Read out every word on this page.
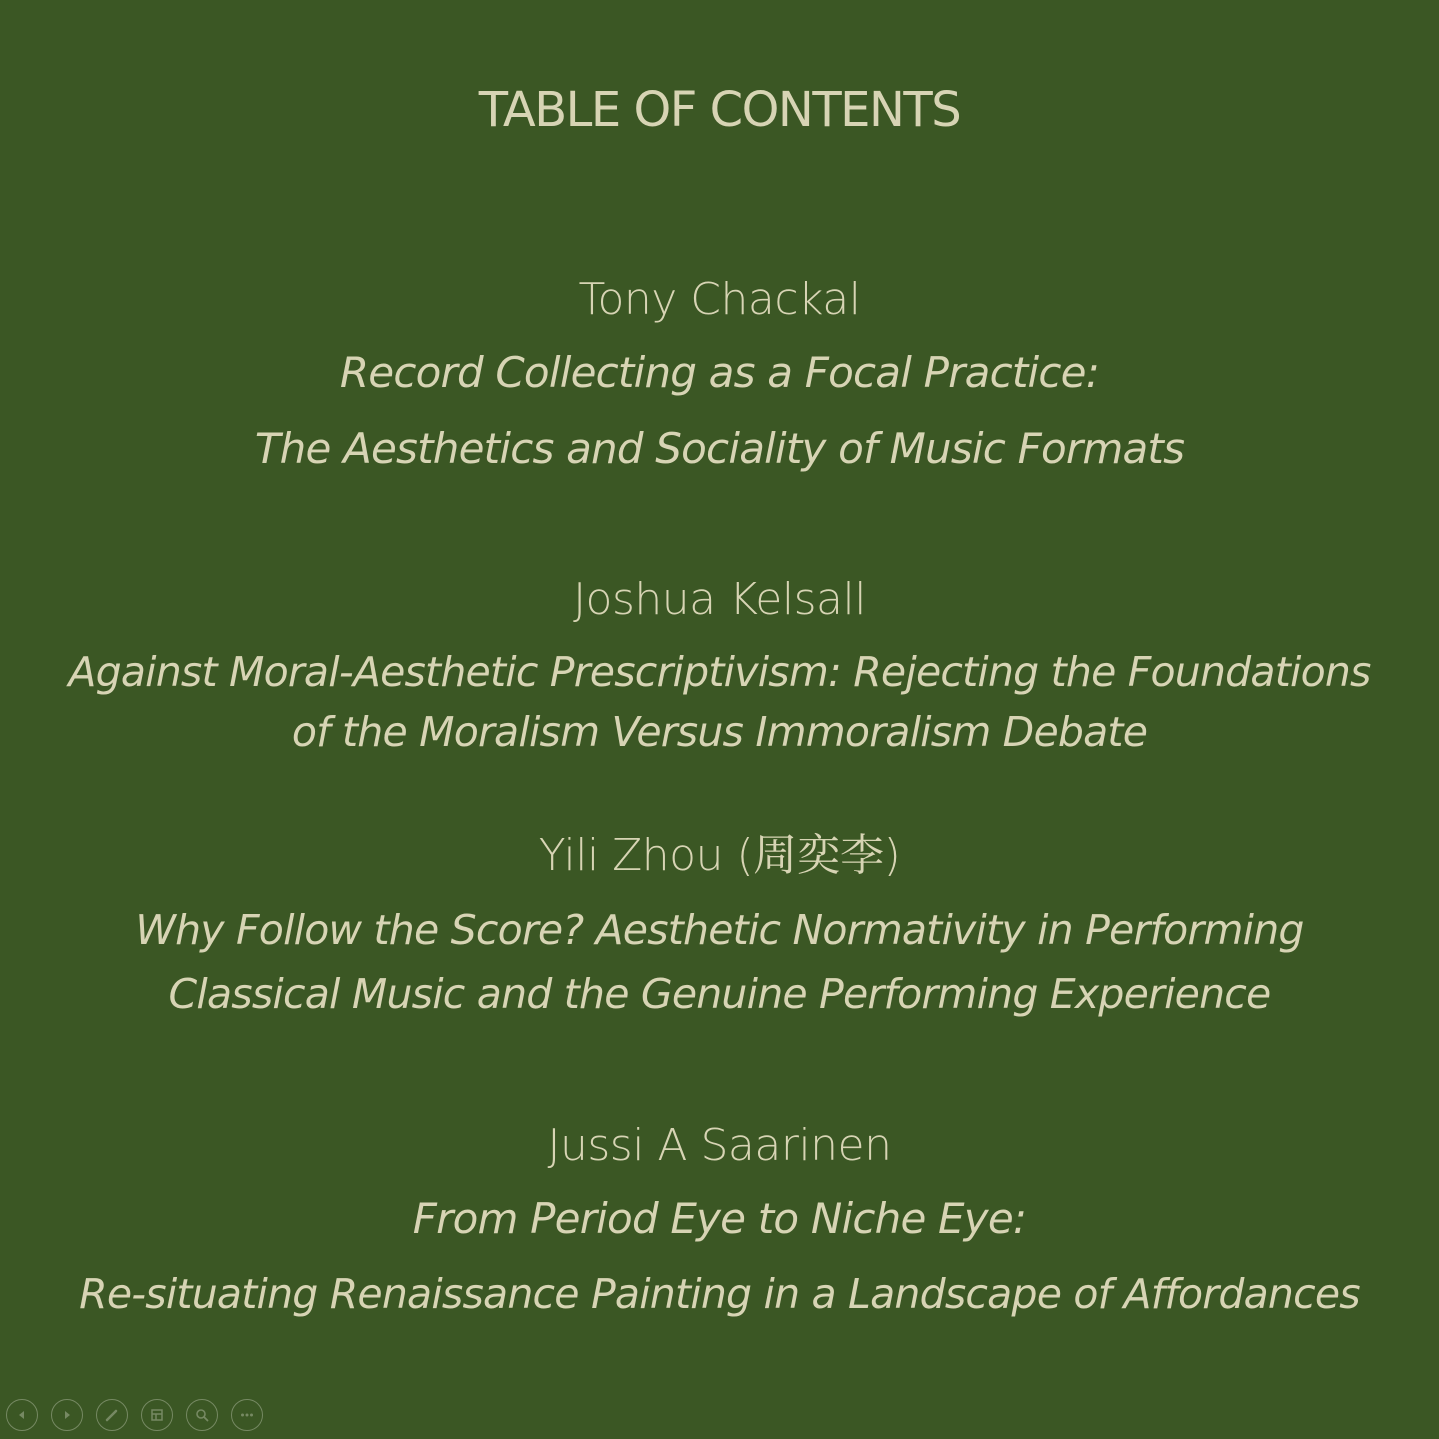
TABLE OF CONTENTS
Tony Chackal
Record Collecting as a Focal Practice:
The Aesthetics and Sociality of Music Formats
Joshua Kelsall
Against Moral-Aesthetic Prescriptivism: Rejecting the Foundations
of the Moralism Versus Immoralism Debate
Yili Zhou (周奕李)
Why Follow the Score? Aesthetic Normativity in Performing
Classical Music and the Genuine Performing Experience
Jussi A Saarinen
From Period Eye to Niche Eye:
Re-situating Renaissance Painting in a Landscape of Affordances
